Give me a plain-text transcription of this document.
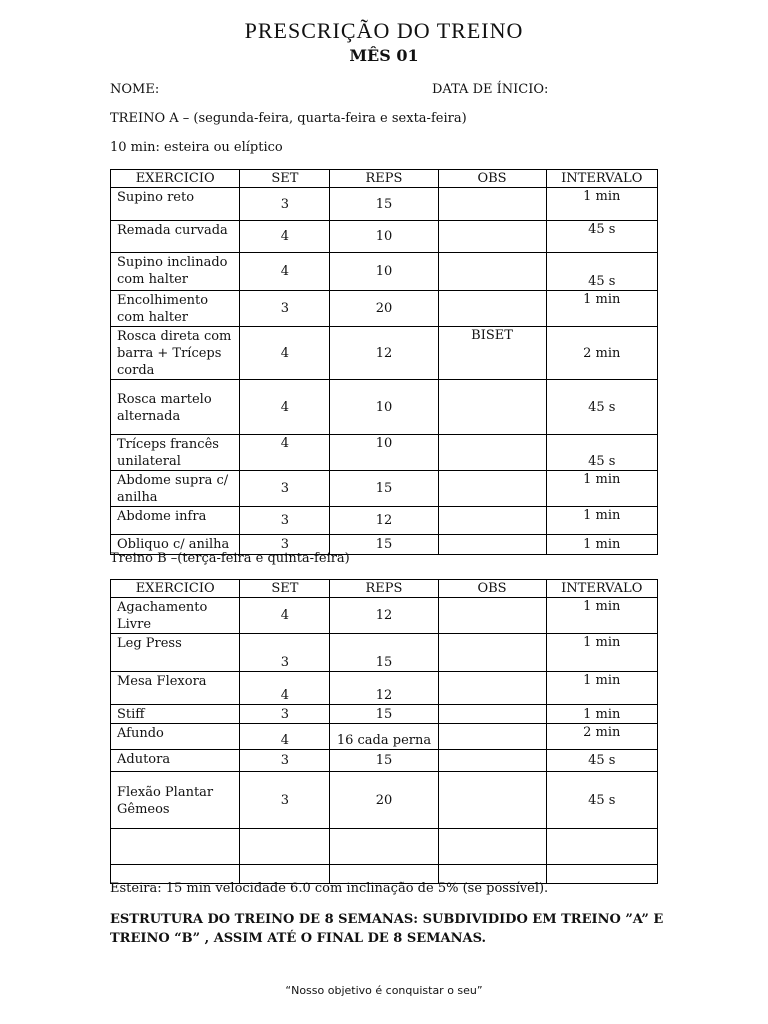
PRESCRIÇÃO DO TREINO
MÊS 01
NOME:	DATA DE ÍNICIO:
TREINO A – (segunda-feira, quarta-feira e sexta-feira)
10 min: esteira ou elíptico
EXERCICIO	SET	REPS	OBS	INTERVALO
Supino reto	3	15		1 min
Remada curvada	4	10		45 s
Supino inclinado com halter	4	10		45 s
Encolhimento com halter	3	20		1 min
Rosca direta com barra + Tríceps corda	4	12	BISET	2 min
Rosca martelo alternada	4	10		45 s
Tríceps francês unilateral	4	10		45 s
Abdome supra c/ anilha	3	15		1 min
Abdome infra	3	12		1 min
Obliquo c/ anilha	3	15		1 min
Treino B –(terça-feira e quinta-feira)
EXERCICIO	SET	REPS	OBS	INTERVALO
Agachamento Livre	4	12		1 min
Leg Press	3	15		1 min
Mesa Flexora	4	12		1 min
Stiff	3	15		1 min
Afundo	4	16 cada perna		2 min
Adutora	3	15		45 s
Flexão Plantar Gêmeos	3	20		45 s

Esteira: 15 min velocidade 6.0 com inclinação de 5% (se possível).
ESTRUTURA DO TREINO DE 8 SEMANAS: SUBDIVIDIDO EM TREINO ”A” E TREINO “B” , ASSIM ATÉ O FINAL DE 8 SEMANAS.
“Nosso objetivo é conquistar o seu”
